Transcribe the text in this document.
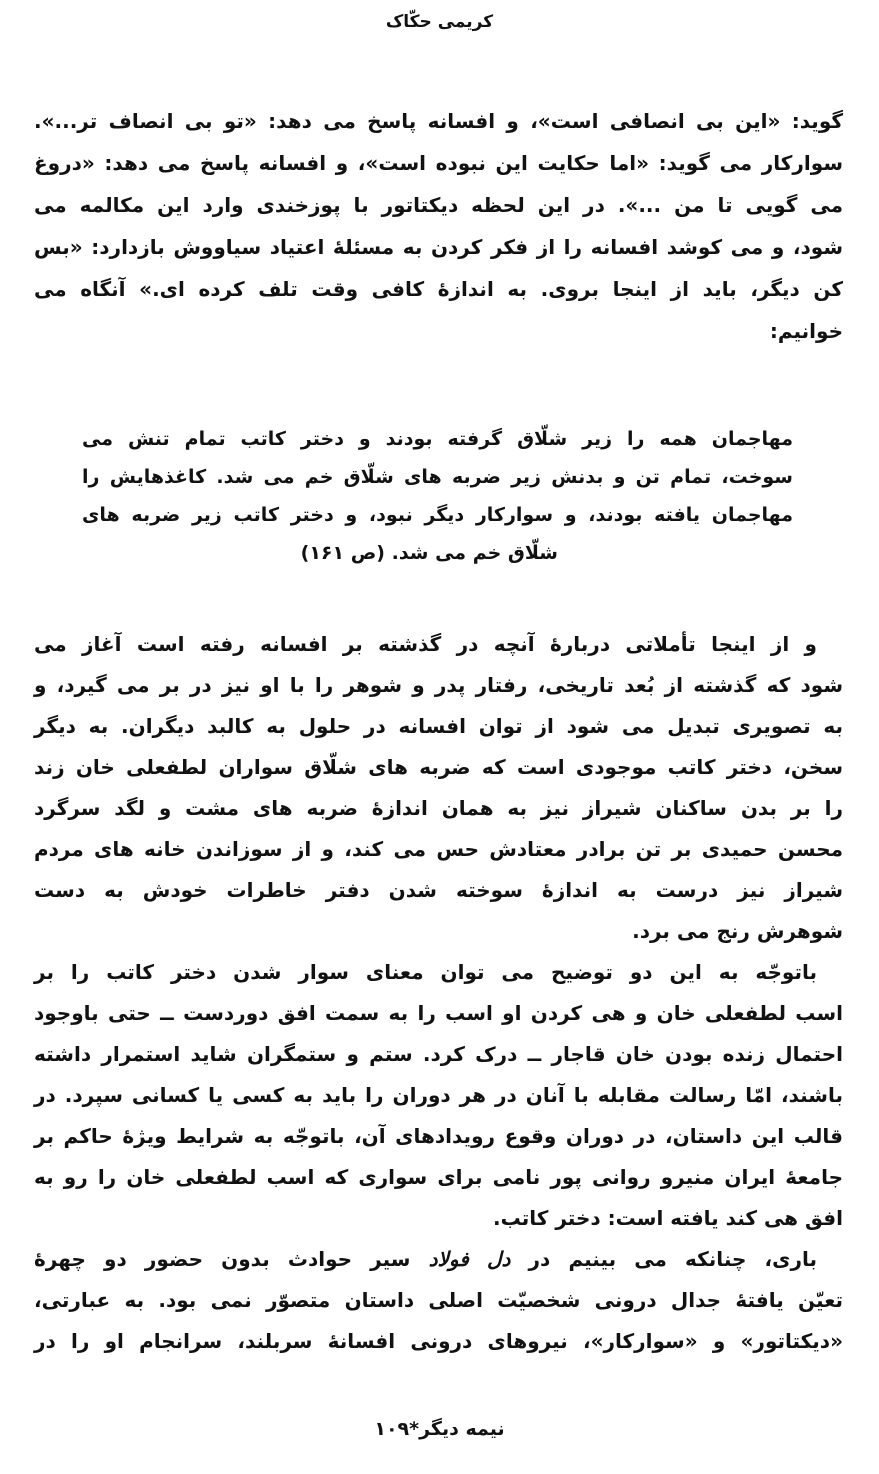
کریمی حکّاک
گوید: «این بی انصافی است»، و افسانه پاسخ می دهد: «تو بی انصاف تر...».
سوارکار می گوید: «اما حکایت این نبوده است»، و افسانه پاسخ می دهد: «دروغ
می گویی تا من ...». در این لحظه دیکتاتور با پوزخندی وارد این مکالمه می
شود، و می کوشد افسانه را از فکر کردن به مسئلهٔ اعتیاد سیاووش بازدارد: «بس
کن دیگر، باید از اینجا بروی. به اندازهٔ کافی وقت تلف کرده ای.» آنگاه می
خوانیم:
مهاجمان همه را زیر شلّاق گرفته بودند و دختر کاتب تمام تنش می
سوخت، تمام تن و بدنش زیر ضربه های شلّاق خم می شد. کاغذهایش را
مهاجمان یافته بودند، و سوارکار دیگر نبود، و دختر کاتب زیر ضربه های
شلّاق خم می شد. (ص ۱۶۱)
و از اینجا تأملاتی دربارهٔ آنچه در گذشته بر افسانه رفته است آغاز می
شود که گذشته از بُعد تاریخی، رفتار پدر و شوهر را با او نیز در بر می گیرد، و
به تصویری تبدیل می شود از توان افسانه در حلول به کالبد دیگران. به دیگر
سخن، دختر کاتب موجودی است که ضربه های شلّاق سواران لطفعلی خان زند
را بر بدن ساکنان شیراز نیز به همان اندازهٔ ضربه های مشت و لگد سرگرد
محسن حمیدی بر تن برادر معتادش حس می کند، و از سوزاندن خانه های مردم
شیراز نیز درست به اندازهٔ سوخته شدن دفتر خاطرات خودش به دست
شوهرش رنج می برد.
باتوجّه به این دو توضیح می توان معنای سوار شدن دختر کاتب را بر
اسب لطفعلی خان و هی کردن او اسب را به سمت افق دوردست ــ حتی باوجود
احتمال زنده بودن خان قاجار ــ درک کرد. ستم و ستمگران شاید استمرار داشته
باشند، امّا رسالت مقابله با آنان در هر دوران را باید به کسی یا کسانی سپرد. در
قالب این داستان، در دوران وقوع رویدادهای آن، باتوجّه به شرایط ویژهٔ حاکم بر
جامعهٔ ایران منیرو روانی پور نامی برای سواری که اسب لطفعلی خان را رو به
افق هی کند یافته است: دختر کاتب.
باری، چنانکه می بینیم در دل فولاد سیر حوادث بدون حضور دو چهرهٔ
تعیّن یافتهٔ جدال درونی شخصیّت اصلی داستان متصوّر نمی بود. به عبارتی،
«دیکتاتور» و «سوارکار»، نیروهای درونی افسانهٔ سربلند، سرانجام او را در
نیمه دیگر*۱۰۹
